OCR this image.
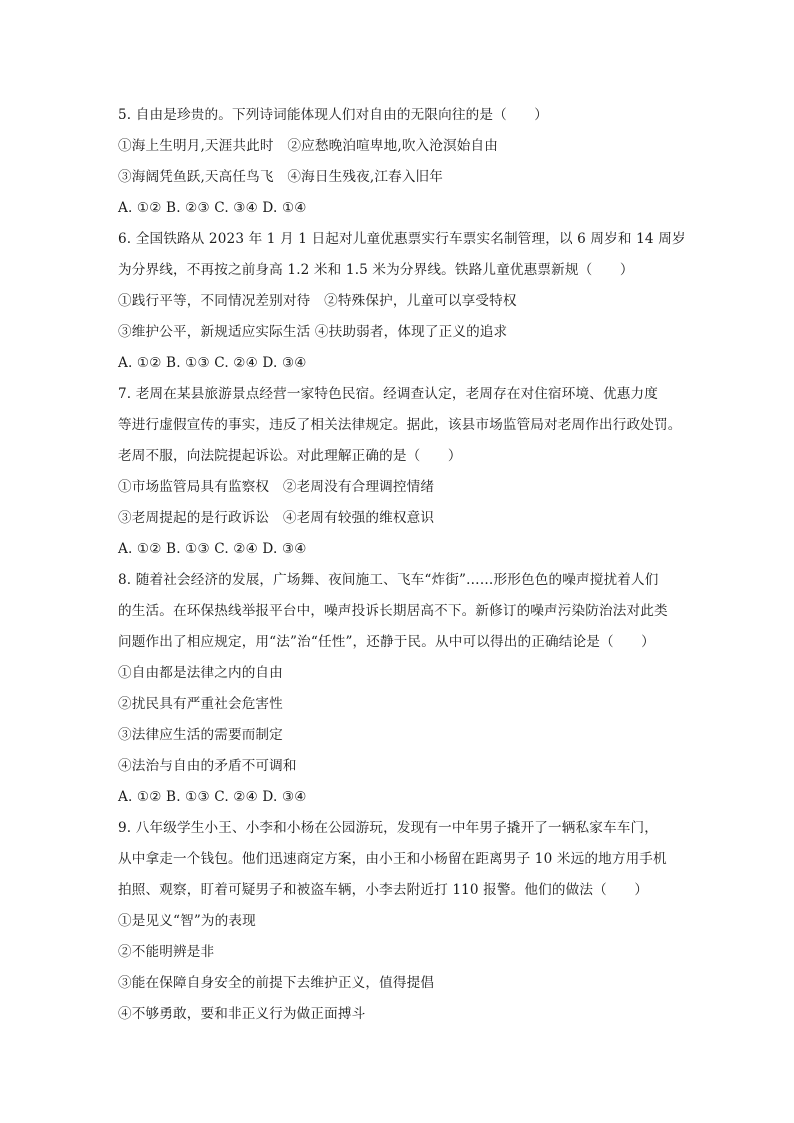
5. 自由是珍贵的。下列诗词能体现人们对自由的无限向往的是（　　）
①海上生明月,天涯共此时　②应愁晚泊喧卑地,吹入沧溟始自由
③海阔凭鱼跃,天高任鸟飞　④海日生残夜,江春入旧年
A. ①② B. ②③ C. ③④ D. ①④
6. 全国铁路从 2023 年 1 月 1 日起对儿童优惠票实行车票实名制管理，以 6 周岁和 14 周岁
为分界线，不再按之前身高 1.2 米和 1.5 米为分界线。铁路儿童优惠票新规（　　）
①践行平等，不同情况差别对待　②特殊保护，儿童可以享受特权
③维护公平，新规适应实际生活 ④扶助弱者，体现了正义的追求
A. ①② B. ①③ C. ②④ D. ③④
7. 老周在某县旅游景点经营一家特色民宿。经调查认定，老周存在对住宿环境、优惠力度
等进行虚假宣传的事实，违反了相关法律规定。据此，该县市场监管局对老周作出行政处罚。
老周不服，向法院提起诉讼。对此理解正确的是（　　）
①市场监管局具有监察权　②老周没有合理调控情绪
③老周提起的是行政诉讼　④老周有较强的维权意识
A. ①② B. ①③ C. ②④ D. ③④
8. 随着社会经济的发展，广场舞、夜间施工、飞车“炸街”……形形色色的噪声搅扰着人们
的生活。在环保热线举报平台中，噪声投诉长期居高不下。新修订的噪声污染防治法对此类
问题作出了相应规定，用“法”治“任性”，还静于民。从中可以得出的正确结论是（　　）
①自由都是法律之内的自由
②扰民具有严重社会危害性
③法律应生活的需要而制定
④法治与自由的矛盾不可调和
A. ①② B. ①③ C. ②④ D. ③④
9. 八年级学生小王、小李和小杨在公园游玩，发现有一中年男子撬开了一辆私家车车门，
从中拿走一个钱包。他们迅速商定方案，由小王和小杨留在距离男子 10 米远的地方用手机
拍照、观察，盯着可疑男子和被盗车辆，小李去附近打 110 报警。他们的做法（　　）
①是见义“智”为的表现
②不能明辨是非
③能在保障自身安全的前提下去维护正义，值得提倡
④不够勇敢，要和非正义行为做正面搏斗
